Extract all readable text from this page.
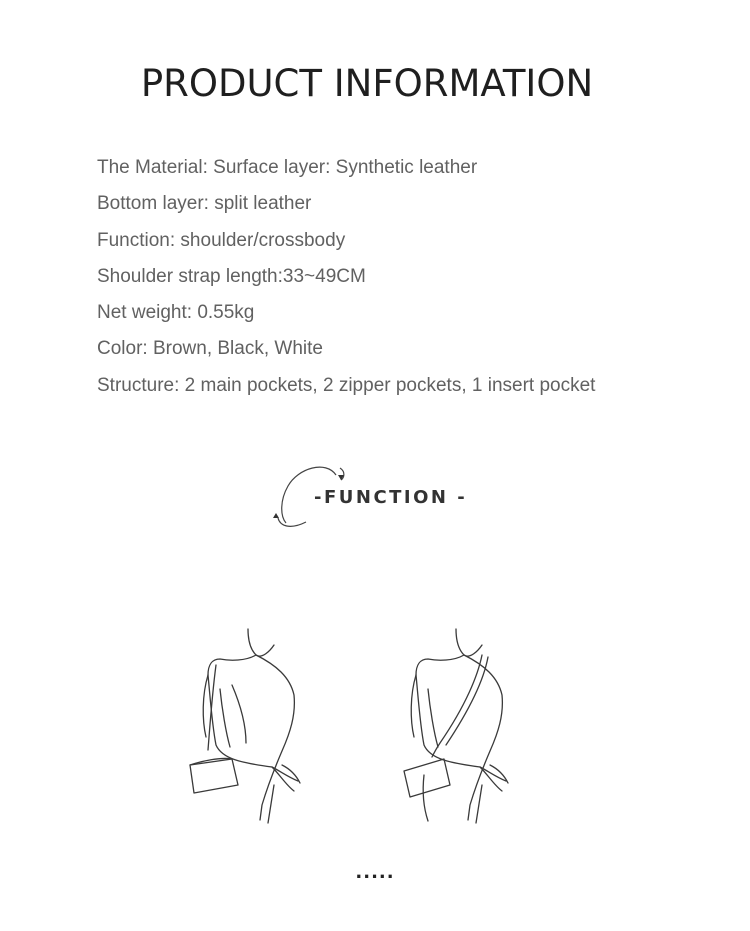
PRODUCT INFORMATION
The Material: Surface layer: Synthetic leather
Bottom layer: split leather
Function: shoulder/crossbody
Shoulder strap length:33~49CM
Net weight: 0.55kg
Color: Brown, Black, White
Structure: 2 main pockets, 2 zipper pockets, 1 insert pocket
-FUNCTION -
.....
